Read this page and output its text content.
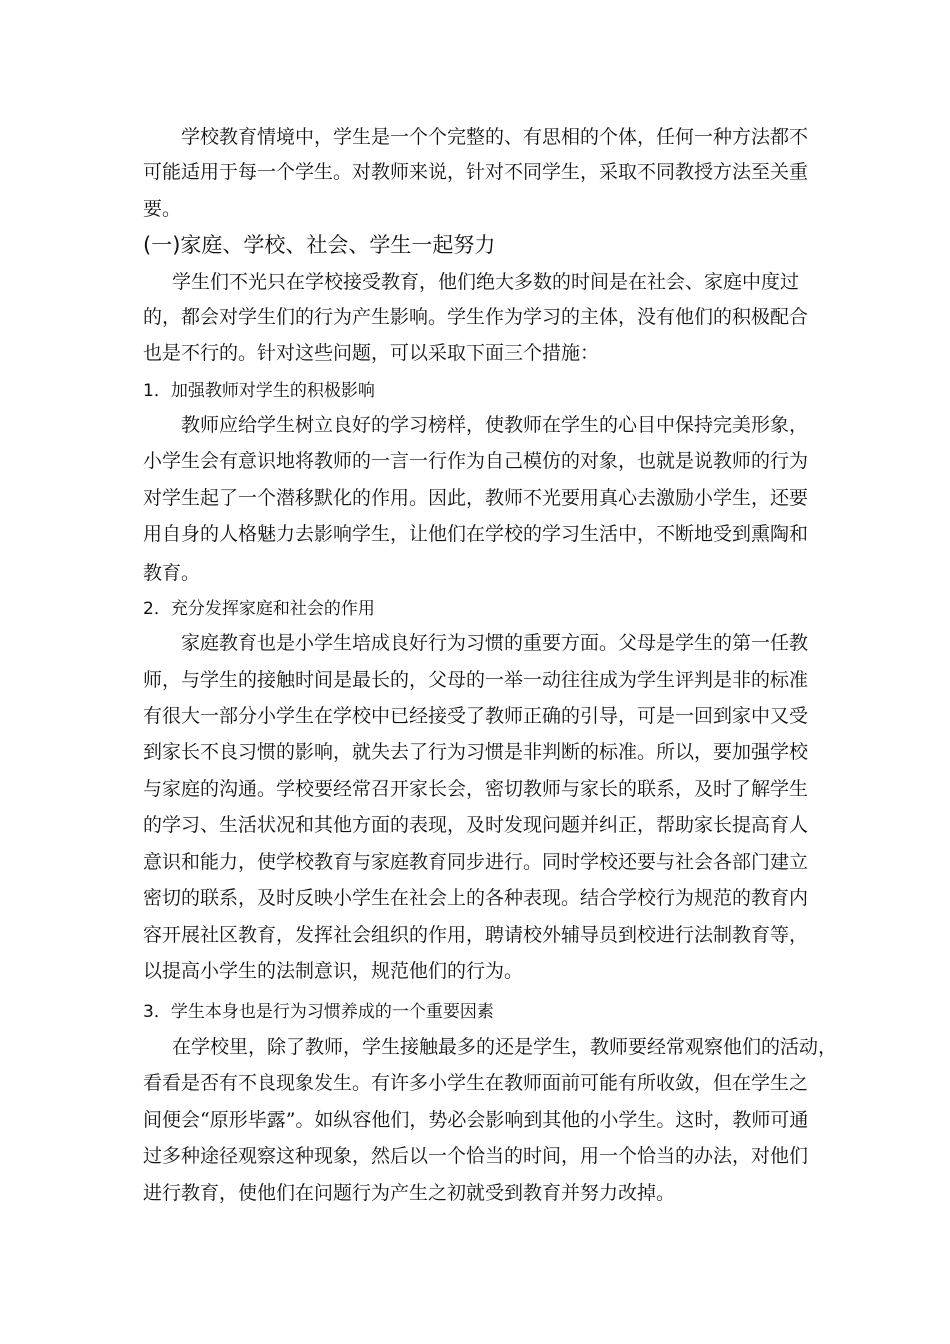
学校教育情境中，学生是一个个完整的、有思相的个体，任何一种方法都不
可能适用于每一个学生。对教师来说，针对不同学生，采取不同教授方法至关重
要。
(一)家庭、学校、社会、学生一起努力
学生们不光只在学校接受教育，他们绝大多数的时间是在社会、家庭中度过
的，都会对学生们的行为产生影响。学生作为学习的主体，没有他们的积极配合
也是不行的。针对这些问题，可以采取下面三个措施：
1．加强教师对学生的积极影响
教师应给学生树立良好的学习榜样，使教师在学生的心目中保持完美形象，
小学生会有意识地将教师的一言一行作为自己模仿的对象，也就是说教师的行为
对学生起了一个潜移默化的作用。因此，教师不光要用真心去激励小学生，还要
用自身的人格魅力去影响学生，让他们在学校的学习生活中，不断地受到熏陶和
教育。
2．充分发挥家庭和社会的作用
家庭教育也是小学生培成良好行为习惯的重要方面。父母是学生的第一任教
师，与学生的接触时间是最长的，父母的一举一动往往成为学生评判是非的标准
有很大一部分小学生在学校中已经接受了教师正确的引导，可是一回到家中又受
到家长不良习惯的影响，就失去了行为习惯是非判断的标准。所以，要加强学校
与家庭的沟通。学校要经常召开家长会，密切教师与家长的联系，及时了解学生
的学习、生活状况和其他方面的表现，及时发现问题并纠正，帮助家长提高育人
意识和能力，使学校教育与家庭教育同步进行。同时学校还要与社会各部门建立
密切的联系，及时反映小学生在社会上的各种表现。结合学校行为规范的教育内
容开展社区教育，发挥社会组织的作用，聘请校外辅导员到校进行法制教育等，
以提高小学生的法制意识，规范他们的行为。
3．学生本身也是行为习惯养成的一个重要因素
在学校里，除了教师，学生接触最多的还是学生，教师要经常观察他们的活动，
看看是否有不良现象发生。有许多小学生在教师面前可能有所收敛，但在学生之
间便会“原形毕露”。如纵容他们，势必会影响到其他的小学生。这时，教师可通
过多种途径观察这种现象，然后以一个恰当的时间，用一个恰当的办法，对他们
进行教育，使他们在问题行为产生之初就受到教育并努力改掉。
